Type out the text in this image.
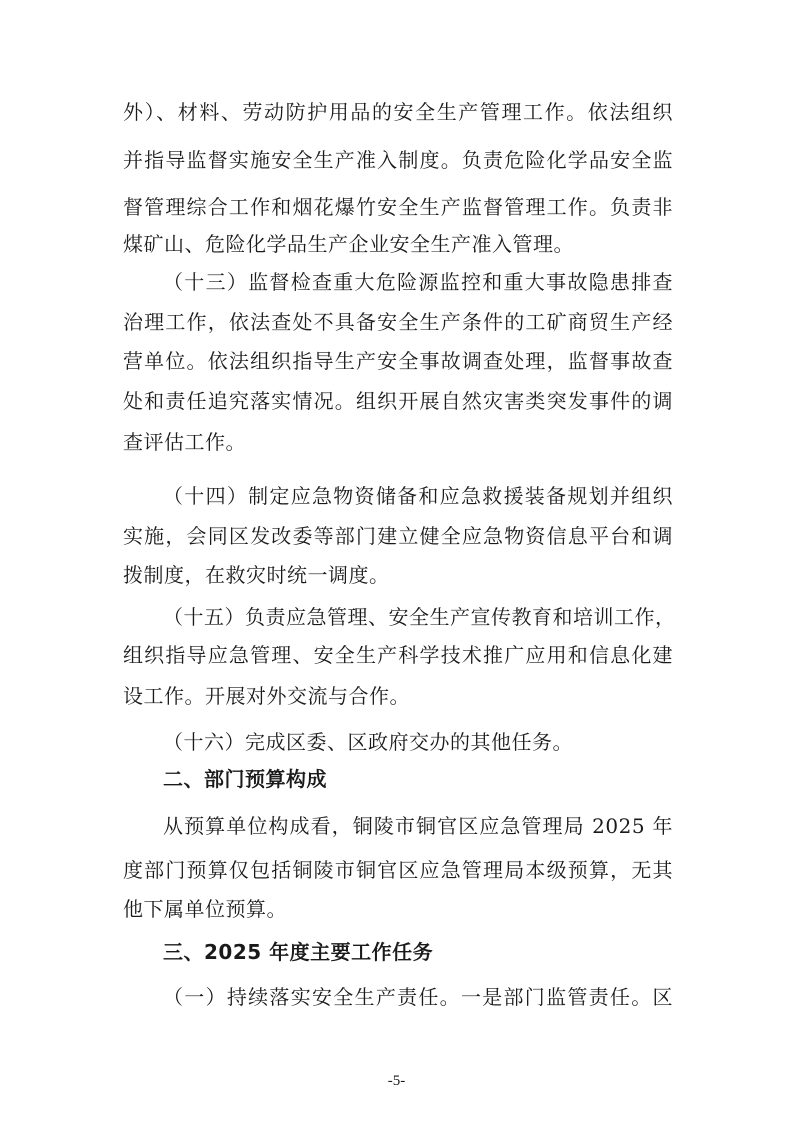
外）、材料、劳动防护用品的安全生产管理工作。依法组织
并指导监督实施安全生产准入制度。负责危险化学品安全监
督管理综合工作和烟花爆竹安全生产监督管理工作。负责非
煤矿山、危险化学品生产企业安全生产准入管理。
（十三）监督检查重大危险源监控和重大事故隐患排查
治理工作，依法查处不具备安全生产条件的工矿商贸生产经
营单位。依法组织指导生产安全事故调查处理，监督事故查
处和责任追究落实情况。组织开展自然灾害类突发事件的调
查评估工作。
（十四）制定应急物资储备和应急救援装备规划并组织
实施，会同区发改委等部门建立健全应急物资信息平台和调
拨制度，在救灾时统一调度。
（十五）负责应急管理、安全生产宣传教育和培训工作，
组织指导应急管理、安全生产科学技术推广应用和信息化建
设工作。开展对外交流与合作。
（十六）完成区委、区政府交办的其他任务。
二、部门预算构成
从预算单位构成看，铜陵市铜官区应急管理局 2025 年
度部门预算仅包括铜陵市铜官区应急管理局本级预算，无其
他下属单位预算。
三、2025 年度主要工作任务
（一）持续落实安全生产责任。一是部门监管责任。区
-5-
